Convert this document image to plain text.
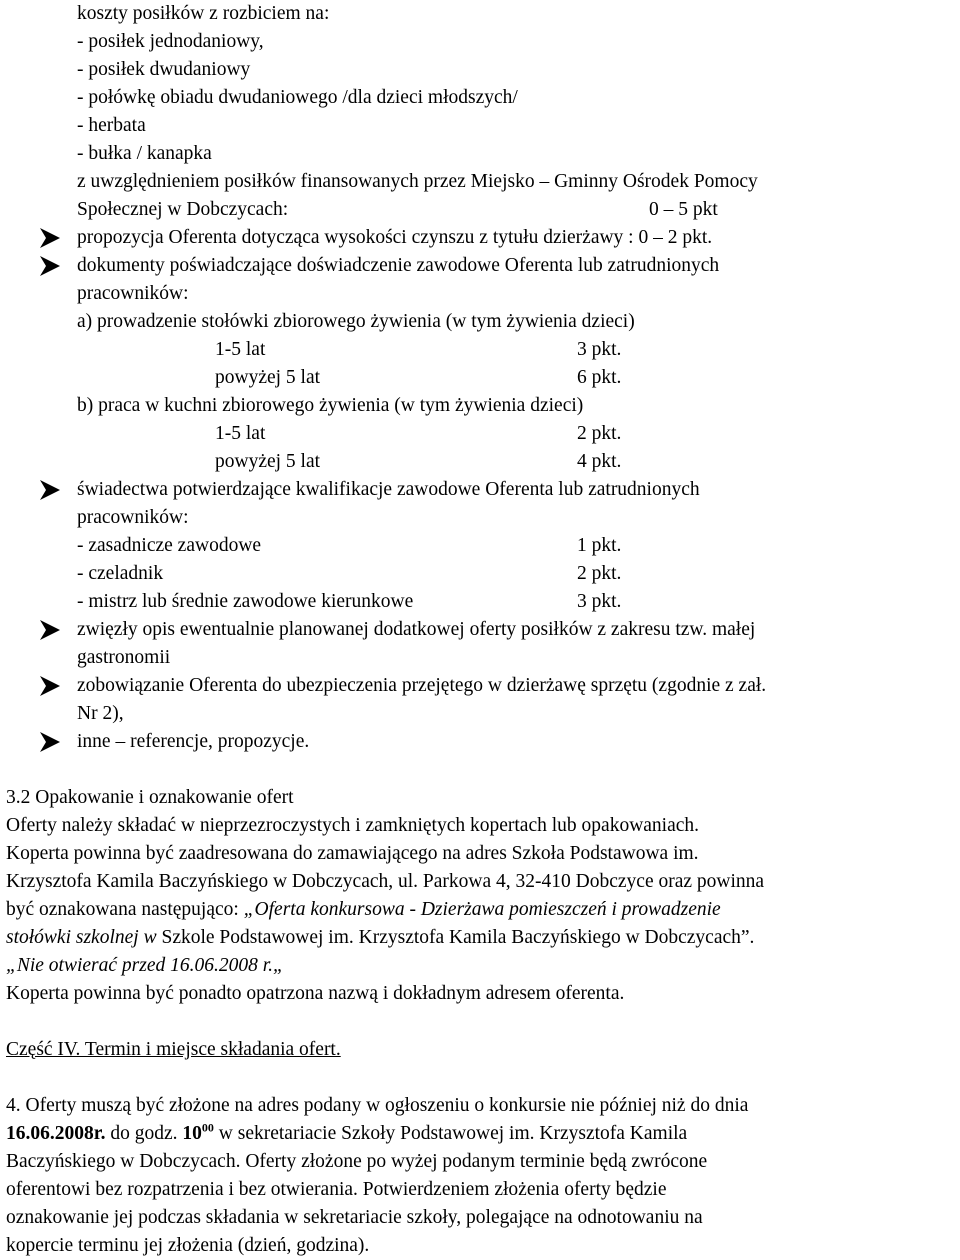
koszty posiłków z rozbiciem na:
- posiłek jednodaniowy,
- posiłek dwudaniowy
- połówkę obiadu dwudaniowego /dla dzieci młodszych/
- herbata
- bułka / kanapka
z uwzględnieniem posiłków finansowanych przez Miejsko – Gminny Ośrodek Pomocy
Społecznej w Dobczycach:	0 – 5 pkt
propozycja Oferenta dotycząca wysokości czynszu z tytułu dzierżawy : 0 – 2 pkt.
dokumenty poświadczające doświadczenie zawodowe Oferenta lub zatrudnionych
pracowników:
a) prowadzenie stołówki zbiorowego żywienia (w tym żywienia dzieci)
1-5 lat	3 pkt.
powyżej 5 lat	6 pkt.
b) praca w kuchni zbiorowego żywienia (w tym żywienia dzieci)
1-5 lat	2 pkt.
powyżej 5 lat	4 pkt.
świadectwa potwierdzające kwalifikacje zawodowe Oferenta lub zatrudnionych
pracowników:
- zasadnicze zawodowe	1 pkt.
- czeladnik	2 pkt.
- mistrz lub średnie zawodowe kierunkowe	3 pkt.
zwięzły opis ewentualnie planowanej dodatkowej oferty posiłków z zakresu tzw. małej
gastronomii
zobowiązanie Oferenta do ubezpieczenia przejętego w dzierżawę sprzętu (zgodnie z zał.
Nr 2),
inne – referencje, propozycje.
3.2 Opakowanie i oznakowanie ofert
Oferty należy składać w nieprzezroczystych i zamkniętych kopertach lub opakowaniach.
Koperta powinna być zaadresowana do zamawiającego na adres Szkoła Podstawowa im.
Krzysztofa Kamila Baczyńskiego w Dobczycach, ul. Parkowa 4, 32-410 Dobczyce oraz powinna
być oznakowana następująco: „Oferta konkursowa - Dzierżawa pomieszczeń i prowadzenie
stołówki szkolnej w Szkole Podstawowej im. Krzysztofa Kamila Baczyńskiego w Dobczycach”.
„Nie otwierać przed 16.06.2008 r.„
Koperta powinna być ponadto opatrzona nazwą i dokładnym adresem oferenta.
Część IV. Termin i miejsce składania ofert.
4. Oferty muszą być złożone na adres podany w ogłoszeniu o konkursie nie później niż do dnia
16.06.2008r. do godz. $10^{00}$ w sekretariacie Szkoły Podstawowej im. Krzysztofa Kamila
Baczyńskiego w Dobczycach. Oferty złożone po wyżej podanym terminie będą zwrócone
oferentowi bez rozpatrzenia i bez otwierania. Potwierdzeniem złożenia oferty będzie
oznakowanie jej podczas składania w sekretariacie szkoły, polegające na odnotowaniu na
kopercie terminu jej złożenia (dzień, godzina).
